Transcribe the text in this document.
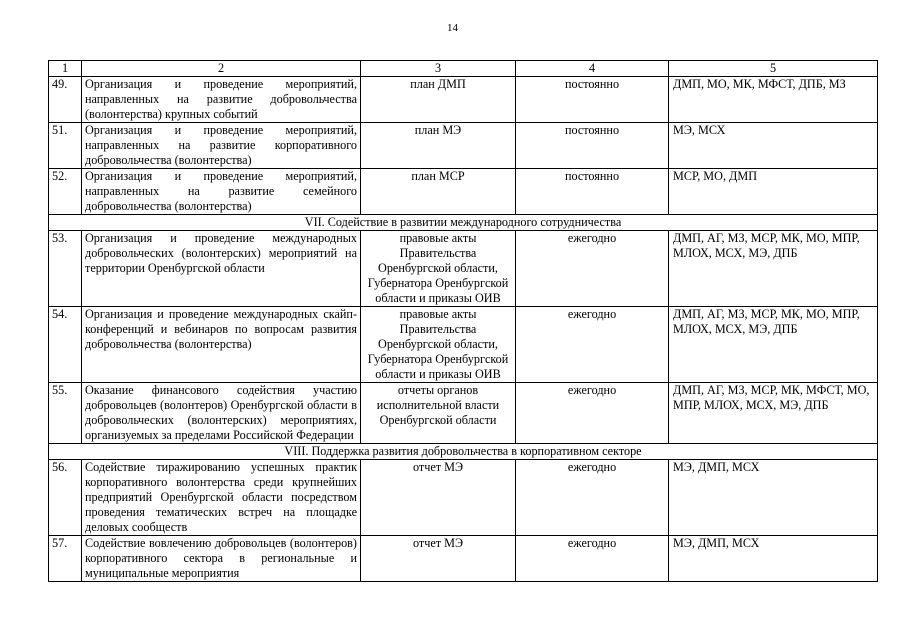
14
1	2	3	4	5
49.	Организация и проведение мероприятий, направленных на развитие добровольчества (волонтерства) крупных событий	план ДМП	постоянно	ДМП, МО, МК, МФСТ, ДПБ, МЗ
51.	Организация и проведение мероприятий, направленных на развитие корпоративного добровольчества (волонтерства)	план МЭ	постоянно	МЭ, МСХ
52.	Организация и проведение мероприятий, направленных на развитие семейного добровольчества (волонтерства)	план МСР	постоянно	МСР, МО, ДМП
VII. Содействие в развитии международного сотрудничества				
53.	Организация и проведение международных добровольческих (волонтерских) мероприятий на территории Оренбургской области	правовые акты Правительства Оренбургской области, Губернатора Оренбургской области и приказы ОИВ	ежегодно	ДМП, АГ, МЗ, МСР, МК, МО, МПР, МЛОХ, МСХ, МЭ, ДПБ
54.	Организация и проведение международных скайп-конференций и вебинаров по вопросам развития добровольчества (волонтерства)	правовые акты Правительства Оренбургской области, Губернатора Оренбургской области и приказы ОИВ	ежегодно	ДМП, АГ, МЗ, МСР, МК, МО, МПР, МЛОХ, МСХ, МЭ, ДПБ
55.	Оказание финансового содействия участию добровольцев (волонтеров) Оренбургской области в добровольческих (волонтерских) мероприятиях, организуемых за пределами Российской Федерации	отчеты органов исполнительной власти Оренбургской области	ежегодно	ДМП, АГ, МЗ, МСР, МК, МФСТ, МО, МПР, МЛОХ, МСХ, МЭ, ДПБ
VIII. Поддержка развития добровольчества в корпоративном секторе				
56.	Содействие тиражированию успешных практик корпоративного волонтерства среди крупнейших предприятий Оренбургской области посредством проведения тематических встреч на площадке деловых сообществ	отчет МЭ	ежегодно	МЭ, ДМП, МСХ
57.	Содействие вовлечению добровольцев (волонтеров) корпоративного сектора в региональные и муниципальные мероприятия	отчет МЭ	ежегодно	МЭ, ДМП, МСХ
